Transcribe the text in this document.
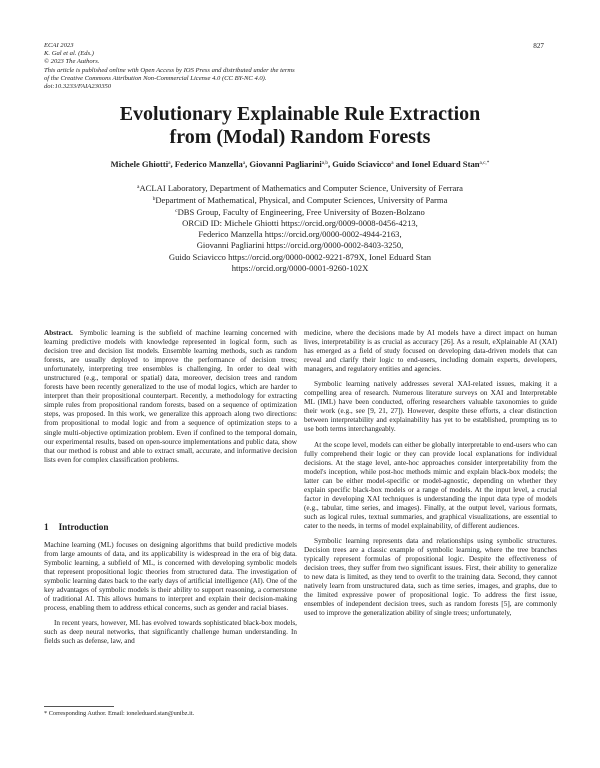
ECAI 2023
K. Gal et al. (Eds.)
© 2023 The Authors.
This article is published online with Open Access by IOS Press and distributed under the terms
of the Creative Commons Attribution Non-Commercial License 4.0 (CC BY-NC 4.0).
doi:10.3233/FAIA230350
827
Evolutionary Explainable Rule Extraction
from (Modal) Random Forests
Michele Ghiotti$^a$, Federico Manzella$^a$, Giovanni Pagliarini$^{a,b}$, Guido Sciavicco$^a$ and Ionel Eduard Stan$^{a,c,*}$
$^a$ACLAI Laboratory, Department of Mathematics and Computer Science, University of Ferrara
$^b$Department of Mathematical, Physical, and Computer Sciences, University of Parma
$^c$DBS Group, Faculty of Engineering, Free University of Bozen-Bolzano
ORCiD ID: Michele Ghiotti https://orcid.org/0009-0008-0456-4213,
Federico Manzella https://orcid.org/0000-0002-4944-2163,
Giovanni Pagliarini https://orcid.org/0000-0002-8403-3250,
Guido Sciavicco https://orcid.org/0000-0002-9221-879X, Ionel Eduard Stan
https://orcid.org/0000-0001-9260-102X
Abstract. Symbolic learning is the subfield of machine learning concerned with learning predictive models with knowledge represented in logical form, such as decision tree and decision list models. Ensemble learning methods, such as random forests, are usually deployed to improve the performance of decision trees; unfortunately, interpreting tree ensembles is challenging. In order to deal with unstructured (e.g., temporal or spatial) data, moreover, decision trees and random forests have been recently generalized to the use of modal logics, which are harder to interpret than their propositional counterpart. Recently, a methodology for extracting simple rules from propositional random forests, based on a sequence of optimization steps, was proposed. In this work, we generalize this approach along two directions: from propositional to modal logic and from a sequence of optimization steps to a single multi-objective optimization problem. Even if confined to the temporal domain, our experimental results, based on open-source implementations and public data, show that our method is robust and able to extract small, accurate, and informative decision lists even for complex classification problems.
1 Introduction

Machine learning (ML) focuses on designing algorithms that build predictive models from large amounts of data, and its applicability is widespread in the era of big data. Symbolic learning, a subfield of ML, is concerned with developing symbolic models that represent propositional logic theories from structured data. The investigation of symbolic learning dates back to the early days of artificial intelligence (AI). One of the key advantages of symbolic models is their ability to support reasoning, a cornerstone of traditional AI. This allows humans to interpret and explain their decision-making process, enabling them to address ethical concerns, such as gender and racial biases.

In recent years, however, ML has evolved towards sophisticated black-box models, such as deep neural networks, that significantly challenge human understanding. In fields such as defense, law, and

medicine, where the decisions made by AI models have a direct impact on human lives, interpretability is as crucial as accuracy [26]. As a result, eXplainable AI (XAI) has emerged as a field of study focused on developing data-driven models that can reveal and clarify their logic to end-users, including domain experts, developers, managers, and regulatory entities and agencies.

Symbolic learning natively addresses several XAI-related issues, making it a compelling area of research. Numerous literature surveys on XAI and Interpretable ML (IML) have been conducted, offering researchers valuable taxonomies to guide their work (e.g., see [9, 21, 27]). However, despite these efforts, a clear distinction between interpretability and explainability has yet to be established, prompting us to use both terms interchangeably.

At the scope level, models can either be globally interpretable to end-users who can fully comprehend their logic or they can provide local explanations for individual decisions. At the stage level, ante-hoc approaches consider interpretability from the model's inception, while post-hoc methods mimic and explain black-box models; the latter can be either model-specific or model-agnostic, depending on whether they explain specific black-box models or a range of models. At the input level, a crucial factor in developing XAI techniques is understanding the input data type of models (e.g., tabular, time series, and images). Finally, at the output level, various formats, such as logical rules, textual summaries, and graphical visualizations, are essential to cater to the needs, in terms of model explainability, of different audiences.

Symbolic learning represents data and relationships using symbolic structures. Decision trees are a classic example of symbolic learning, where the tree branches typically represent formulas of propositional logic. Despite the effectiveness of decision trees, they suffer from two significant issues. First, their ability to generalize to new data is limited, as they tend to overfit to the training data. Second, they cannot natively learn from unstructured data, such as time series, images, and graphs, due to the limited expressive power of propositional logic. To address the first issue, ensembles of independent decision trees, such as random forests [5], are commonly used to improve the generalization ability of single trees; unfortunately,

* Corresponding Author. Email: ioneleduard.stan@unibz.it.
